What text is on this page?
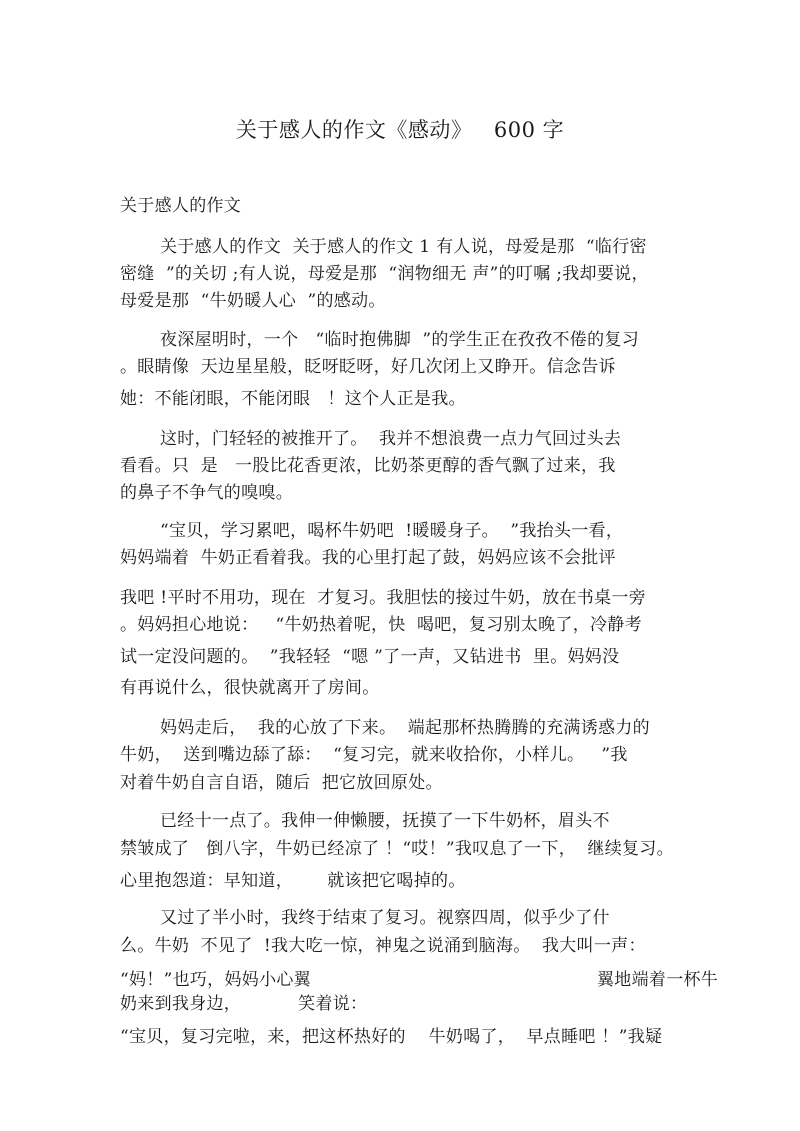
关于感人的作文《感动》   600 字
关于感人的作文
关于感人的作文  关于感人的作文 1 有人说，母爱是那  “临行密
密缝  ”的关切 ;有人说，母爱是那  “润物细无 声”的叮嘱 ;我却要说，
母爱是那  “牛奶暖人心  ”的感动。
夜深屋明时，一个   “临时抱佛脚  ”的学生正在孜孜不倦的复习
。眼睛像  天边星星般，眨呀眨呀，好几次闭上又睁开。信念告诉
她：不能闭眼，不能闭眼   ！这个人正是我。
这时，门轻轻的被推开了。  我并不想浪费一点力气回过头去
看看。只  是   一股比花香更浓，比奶茶更醇的香气飘了过来，我
的鼻子不争气的嗅嗅。
“宝贝，学习累吧，喝杯牛奶吧  !暖暖身子。  ”我抬头一看，
妈妈端着  牛奶正看着我。我的心里打起了鼓，妈妈应该不会批评
我吧 !平时不用功，现在  才复习。我胆怯的接过牛奶，放在书桌一旁
。妈妈担心地说：   “牛奶热着呢，快  喝吧，复习别太晚了，冷静考
试一定没问题的。  ”我轻轻  “嗯 ”了一声，又钻进书  里。妈妈没
有再说什么，很快就离开了房间。
妈妈走后，  我的心放了下来。  端起那杯热腾腾的充满诱惑力的
牛奶，  送到嘴边舔了舔：  “复习完，就来收拾你，小样儿。   ”我
对着牛奶自言自语，随后  把它放回原处。
已经十一点了。我伸一伸懒腰，抚摸了一下牛奶杯，眉头不
禁皱成了   倒八字，牛奶已经凉了 ！“哎！”我叹息了一下，  继续复习。
心里抱怨道：早知道，      就该把它喝掉的。
又过了半小时，我终于结束了复习。视察四周，似乎少了什
么。牛奶  不见了  !我大吃一惊，神鬼之说涌到脑海。  我大叫一声：
“妈！”也巧，妈妈小心翼	翼地端着一杯牛
奶来到我身边，          笑着说：
“宝贝，复习完啦，来，把这杯热好的    牛奶喝了，  早点睡吧 ！”我疑
